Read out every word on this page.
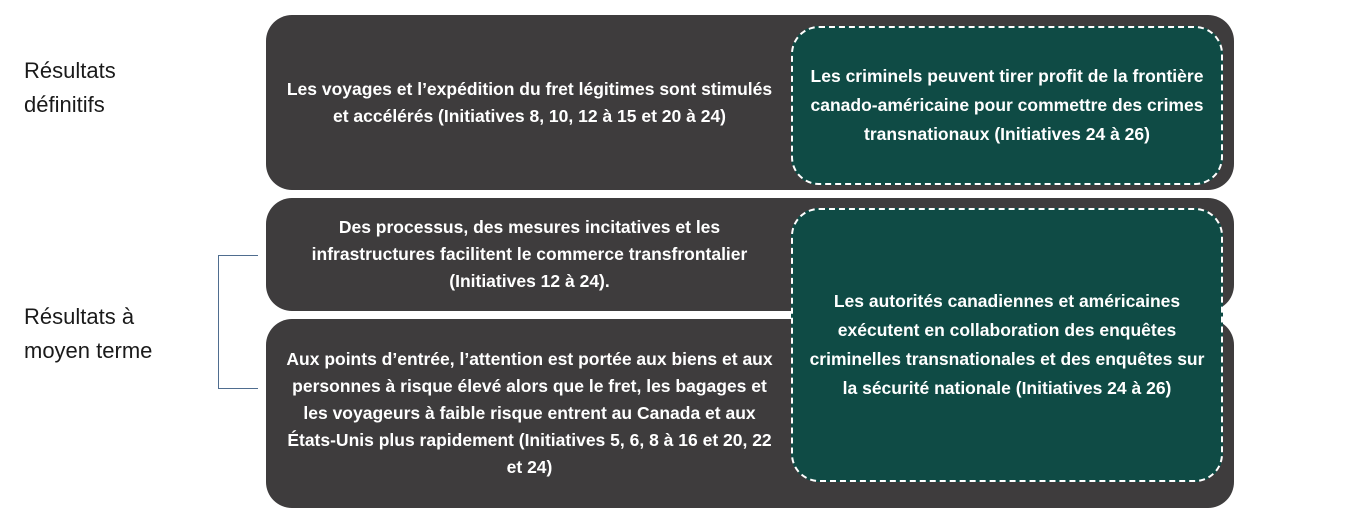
Résultats définitifs
Résultats à moyen terme
Les voyages et l’expédition du fret légitimes sont stimulés et accélérés (Initiatives 8, 10, 12 à 15 et 20 à 24)
Des processus, des mesures incitatives et les infrastructures facilitent le commerce transfrontalier (Initiatives 12 à 24).
Aux points d’entrée, l’attention est portée aux biens et aux personnes à risque élevé alors que le fret, les bagages et les voyageurs à faible risque entrent au Canada et aux États-Unis plus rapidement (Initiatives 5, 6, 8 à 16 et 20, 22 et 24)
Les criminels peuvent tirer profit de la frontière canado-américaine pour commettre des crimes transnationaux (Initiatives 24 à 26)
Les autorités canadiennes et américaines exécutent en collaboration des enquêtes criminelles transnationales et des enquêtes sur la sécurité nationale (Initiatives 24 à 26)
